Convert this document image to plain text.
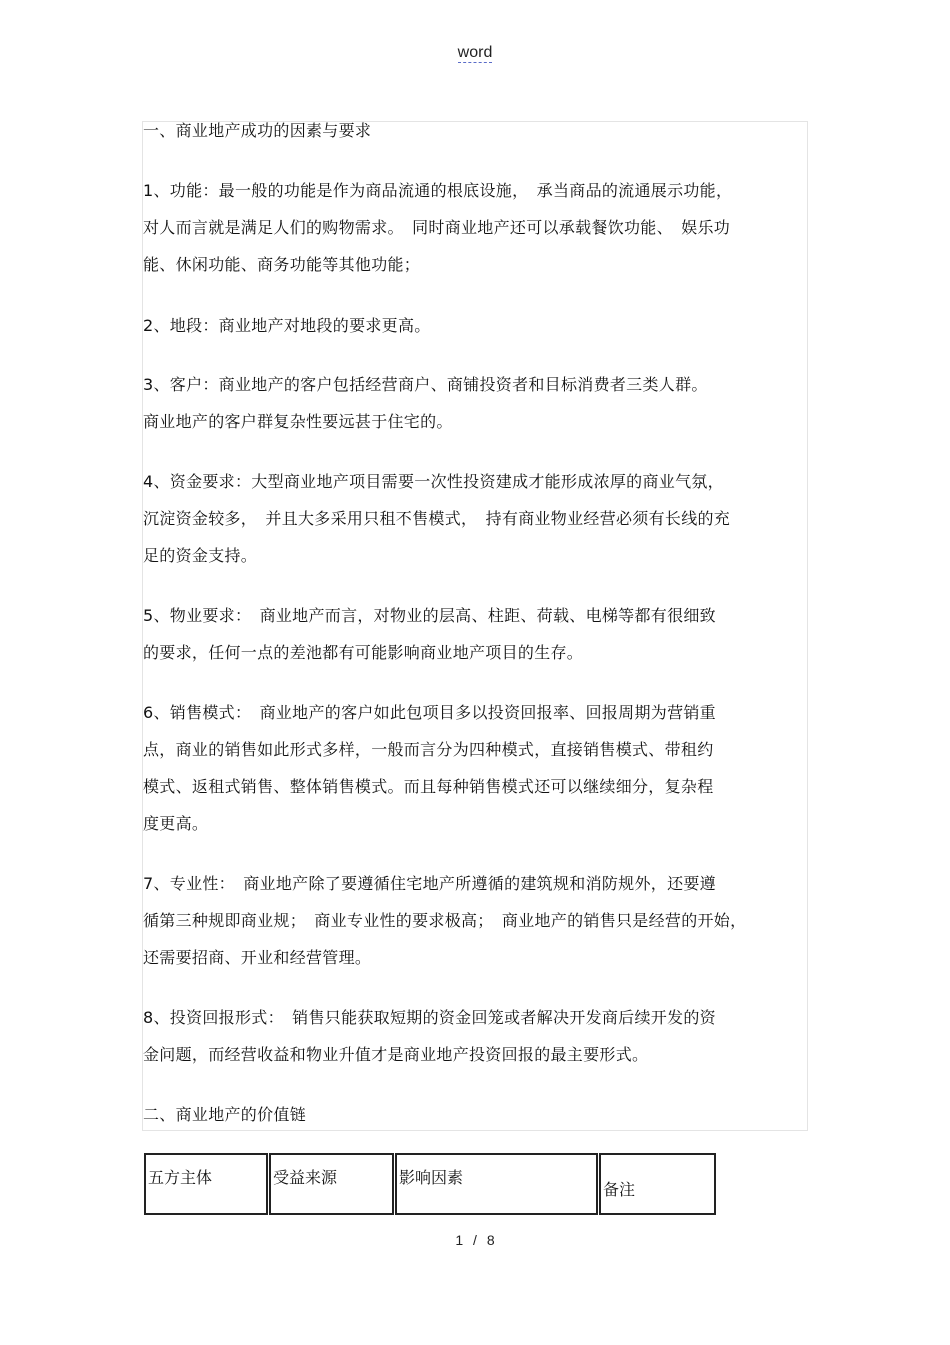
word
一、商业地产成功的因素与要求
1、功能：最一般的功能是作为商品流通的根底设施，　承当商品的流通展示功能，
对人而言就是满足人们的购物需求。　同时商业地产还可以承载餐饮功能、　娱乐功
能、休闲功能、商务功能等其他功能；
2、地段：商业地产对地段的要求更高。
3、客户：商业地产的客户包括经营商户、商铺投资者和目标消费者三类人群。
商业地产的客户群复杂性要远甚于住宅的。
4、资金要求：大型商业地产项目需要一次性投资建成才能形成浓厚的商业气氛，
沉淀资金较多，　并且大多采用只租不售模式，　持有商业物业经营必须有长线的充
足的资金支持。
5、物业要求：　商业地产而言，对物业的层高、柱距、荷载、电梯等都有很细致
的要求，任何一点的差池都有可能影响商业地产项目的生存。
6、销售模式：　商业地产的客户如此包项目多以投资回报率、回报周期为营销重
点，商业的销售如此形式多样，一般而言分为四种模式，直接销售模式、带租约
模式、返租式销售、整体销售模式。而且每种销售模式还可以继续细分，复杂程
度更高。
7、专业性：　商业地产除了要遵循住宅地产所遵循的建筑规和消防规外，还要遵
循第三种规即商业规；　商业专业性的要求极高；　商业地产的销售只是经营的开始，
还需要招商、开业和经营管理。
8、投资回报形式：　销售只能获取短期的资金回笼或者解决开发商后续开发的资
金问题，而经营收益和物业升值才是商业地产投资回报的最主要形式。
二、商业地产的价值链
五方主体	受益来源	影响因素
备注
1 / 8
